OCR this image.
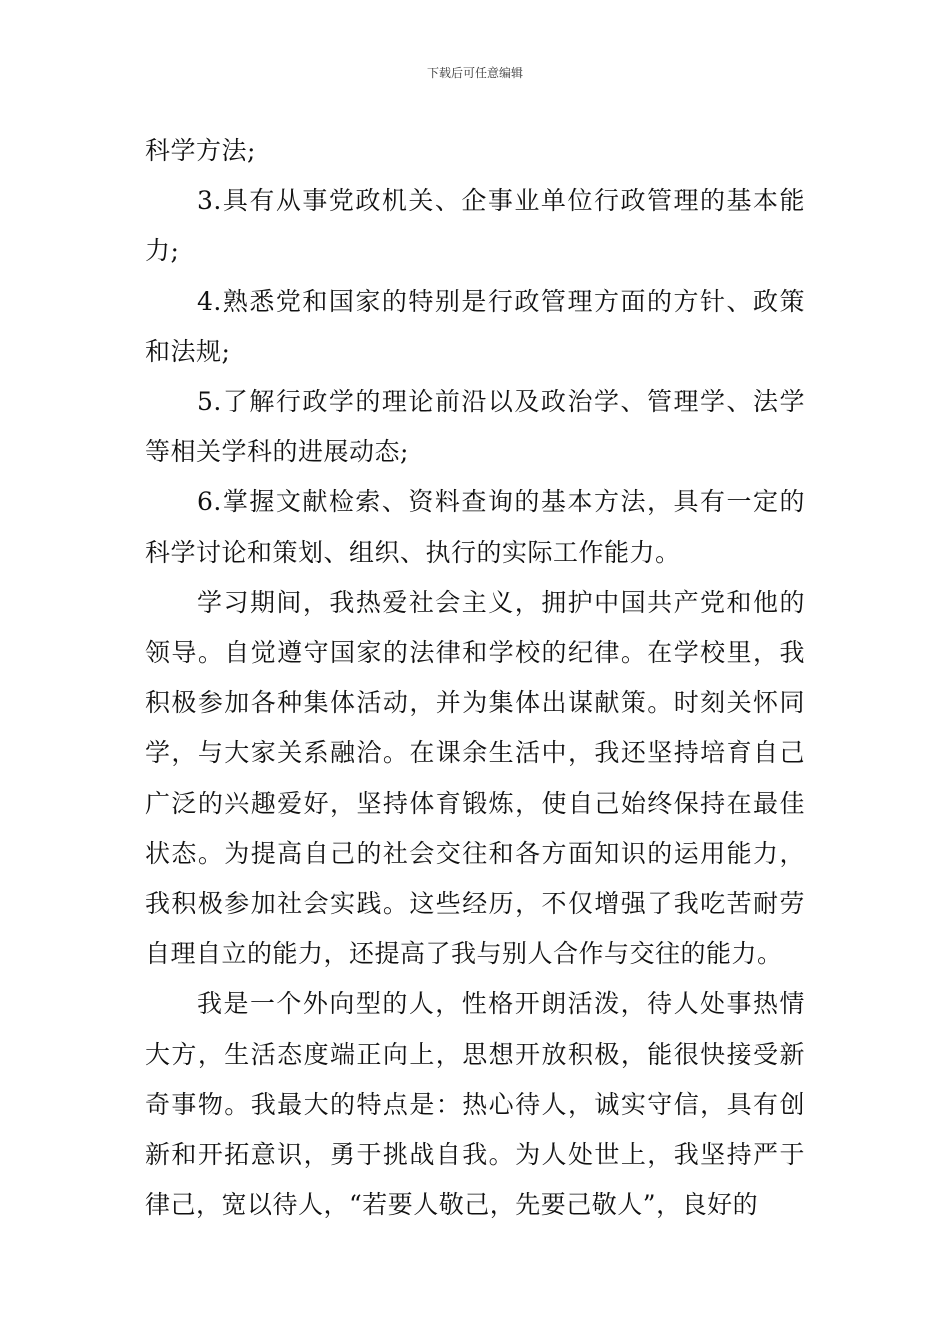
下载后可任意编辑

科学方法;

3.具有从事党政机关、企事业单位行政管理的基本能力;

4.熟悉党和国家的特别是行政管理方面的方针、政策和法规;

5.了解行政学的理论前沿以及政治学、管理学、法学等相关学科的进展动态;

6.掌握文献检索、资料查询的基本方法，具有一定的科学讨论和策划、组织、执行的实际工作能力。

学习期间，我热爱社会主义，拥护中国共产党和他的领导。自觉遵守国家的法律和学校的纪律。在学校里，我积极参加各种集体活动，并为集体出谋献策。时刻关怀同学，与大家关系融洽。在课余生活中，我还坚持培育自己广泛的兴趣爱好，坚持体育锻炼，使自己始终保持在最佳状态。为提高自己的社会交往和各方面知识的运用能力，我积极参加社会实践。这些经历，不仅增强了我吃苦耐劳自理自立的能力，还提高了我与别人合作与交往的能力。

我是一个外向型的人，性格开朗活泼，待人处事热情大方，生活态度端正向上，思想开放积极，能很快接受新奇事物。我最大的特点是：热心待人，诚实守信，具有创新和开拓意识，勇于挑战自我。为人处世上，我坚持严于律己，宽以待人，“若要人敬己，先要己敬人”，良好的
